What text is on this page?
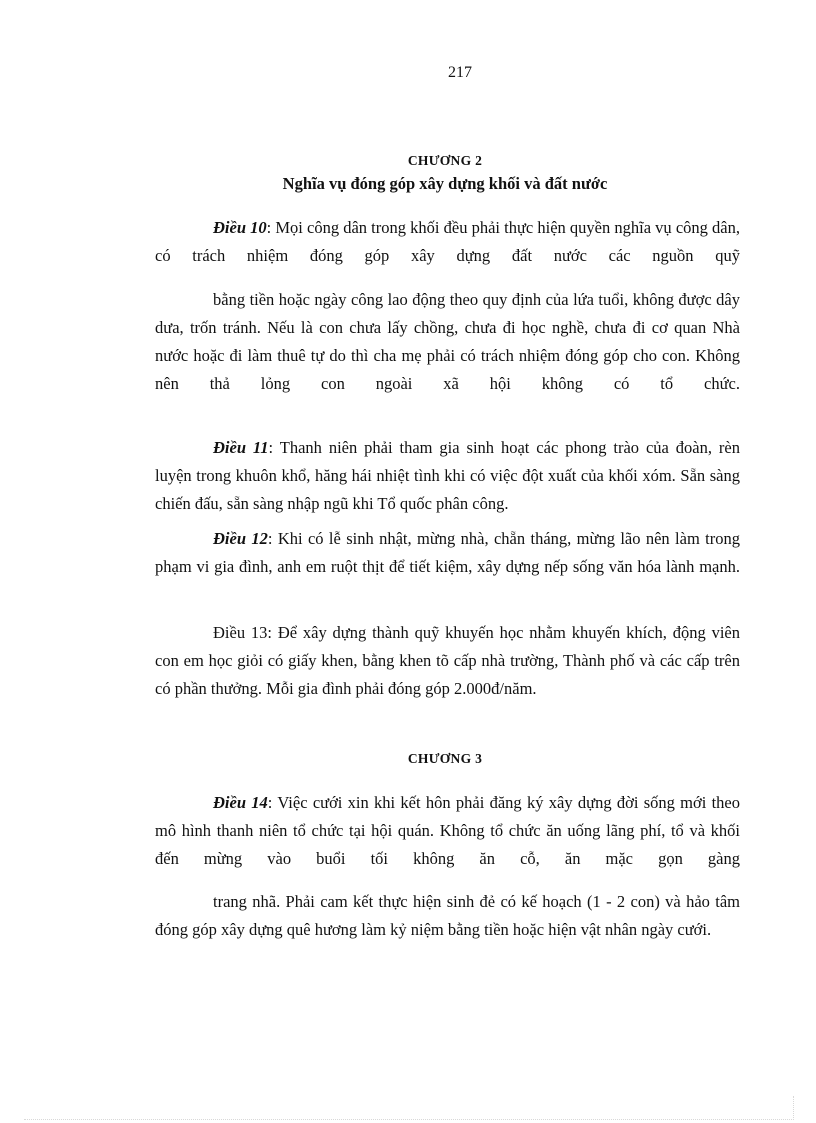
217
CHƯƠNG 2
Nghĩa vụ đóng góp xây dựng khối và đất nước

Điều 10: Mọi công dân trong khối đều phải thực hiện quyền nghĩa vụ công dân, có trách nhiệm đóng góp xây dựng đất nước các nguồn quỹ

bằng tiền hoặc ngày công lao động theo quy định của lứa tuổi, không được dây dưa, trốn tránh. Nếu là con chưa lấy chồng, chưa đi học nghề, chưa đi cơ quan Nhà nước hoặc đi làm thuê tự do thì cha mẹ phải có trách nhiệm đóng góp cho con. Không nên thả lỏng con ngoài xã hội không có tổ chức.

Điều 11: Thanh niên phải tham gia sinh hoạt các phong trào của đoàn, rèn luyện trong khuôn khổ, hăng hái nhiệt tình khi có việc đột xuất của khối xóm. Sẵn sàng chiến đấu, sẵn sàng nhập ngũ khi Tổ quốc phân công.

Điều 12: Khi có lễ sinh nhật, mừng nhà, chẵn tháng, mừng lão nên làm trong phạm vi gia đình, anh em ruột thịt để tiết kiệm, xây dựng nếp sống văn hóa lành mạnh.

Điều 13: Để xây dựng thành quỹ khuyến học nhằm khuyến khích, động viên con em học giỏi có giấy khen, bằng khen tõ cấp nhà trường, Thành phố và các cấp trên có phần thưởng. Mỗi gia đình phải đóng góp 2.000đ/năm.

CHƯƠNG 3

Điều 14: Việc cưới xin khi kết hôn phải đăng ký xây dựng đời sống mới theo mô hình thanh niên tổ chức tại hội quán. Không tổ chức ăn uống lãng phí, tổ và khối đến mừng vào buổi tối không ăn cỗ, ăn mặc gọn gàng

trang nhã. Phải cam kết thực hiện sinh đẻ có kế hoạch (1 - 2 con) và hảo tâm đóng góp xây dựng quê hương làm kỷ niệm bằng tiền hoặc hiện vật nhân ngày cưới.
